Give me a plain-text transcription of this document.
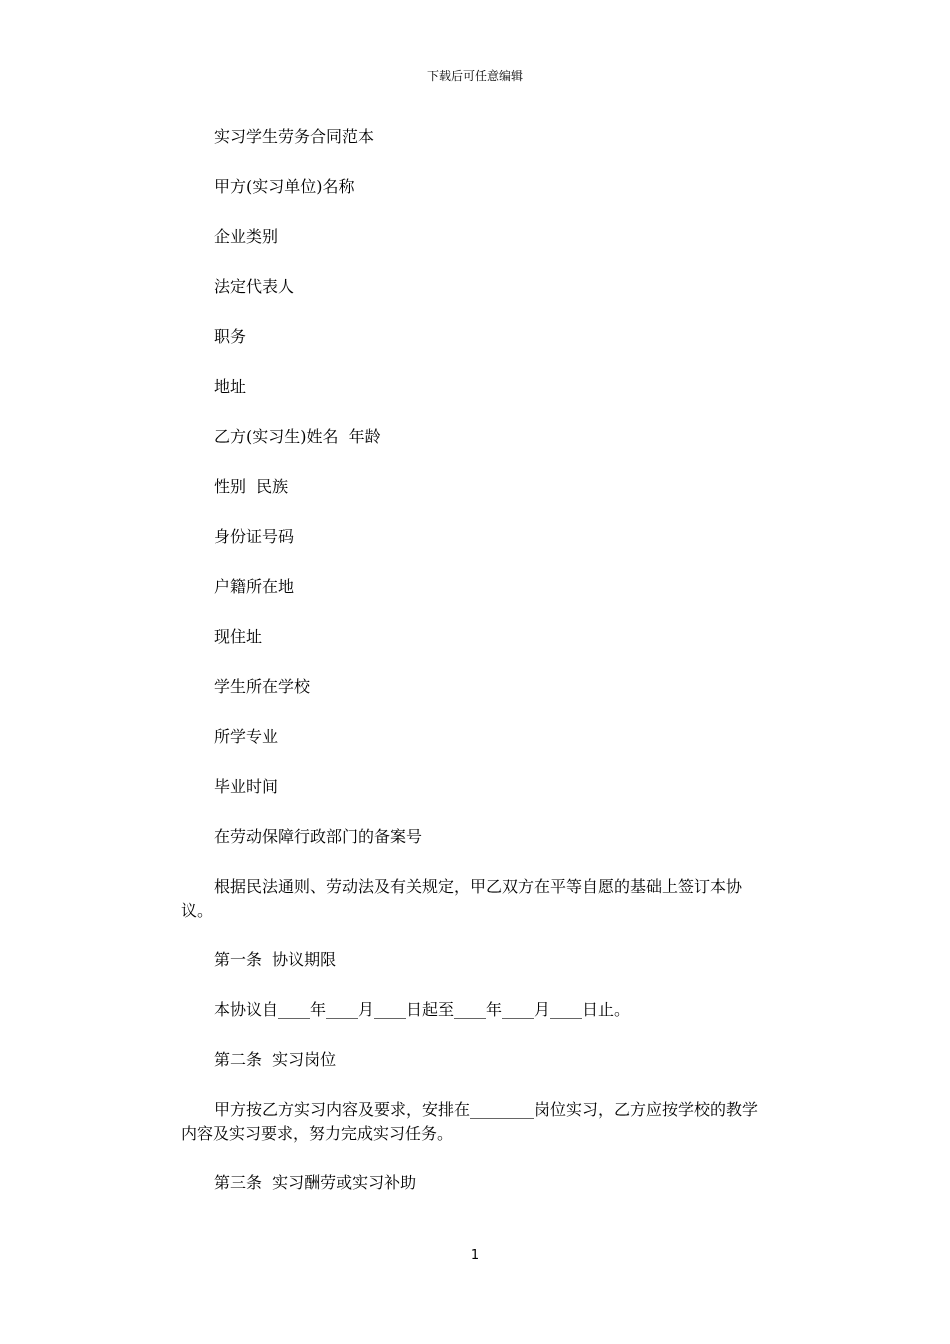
下载后可任意编辑

实习学生劳务合同范本

甲方(实习单位)名称

企业类别

法定代表人

职务

地址

乙方(实习生)姓名  年龄

性别  民族

身份证号码

户籍所在地

现住址

学生所在学校

所学专业

毕业时间

在劳动保障行政部门的备案号

根据民法通则、劳动法及有关规定，甲乙双方在平等自愿的基础上签订本协议。

第一条  协议期限

本协议自____年____月____日起至____年____月____日止。

第二条  实习岗位

甲方按乙方实习内容及要求，安排在________岗位实习，乙方应按学校的教学内容及实习要求，努力完成实习任务。

第三条  实习酬劳或实习补助

1
